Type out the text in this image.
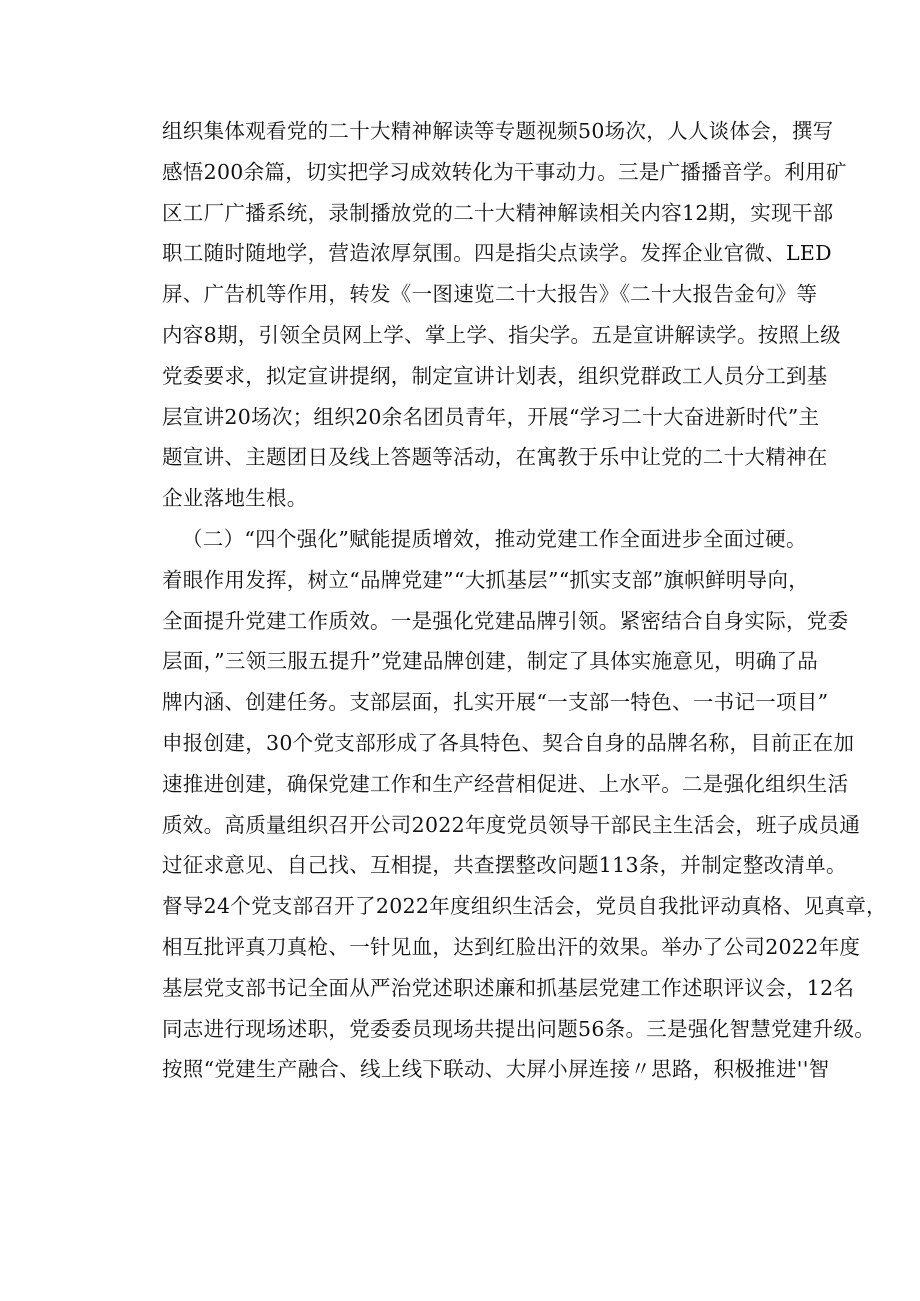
组织集体观看党的二十大精神解读等专题视频50场次，人人谈体会，撰写
感悟200余篇，切实把学习成效转化为干事动力。三是广播播音学。利用矿
区工厂广播系统，录制播放党的二十大精神解读相关内容12期，实现干部
职工随时随地学，营造浓厚氛围。四是指尖点读学。发挥企业官微、LED
屏、广告机等作用，转发《一图速览二十大报告》《二十大报告金句》等
内容8期，引领全员网上学、掌上学、指尖学。五是宣讲解读学。按照上级
党委要求，拟定宣讲提纲，制定宣讲计划表，组织党群政工人员分工到基
层宣讲20场次；组织20余名团员青年，开展“学习二十大奋进新时代”主
题宣讲、主题团日及线上答题等活动，在寓教于乐中让党的二十大精神在
企业落地生根。
（二）“四个强化”赋能提质增效，推动党建工作全面进步全面过硬。
着眼作用发挥，树立“品牌党建”“大抓基层”“抓实支部”旗帜鲜明导向，
全面提升党建工作质效。一是强化党建品牌引领。紧密结合自身实际，党委
层面，”三领三服五提升”党建品牌创建，制定了具体实施意见，明确了品
牌内涵、创建任务。支部层面，扎实开展“一支部一特色、一书记一项目”
申报创建，30个党支部形成了各具特色、契合自身的品牌名称，目前正在加
速推进创建，确保党建工作和生产经营相促进、上水平。二是强化组织生活
质效。高质量组织召开公司2022年度党员领导干部民主生活会，班子成员通
过征求意见、自己找、互相提，共查摆整改问题113条，并制定整改清单。
督导24个党支部召开了2022年度组织生活会，党员自我批评动真格、见真章，
相互批评真刀真枪、一针见血，达到红脸出汗的效果。举办了公司2022年度
基层党支部书记全面从严治党述职述廉和抓基层党建工作述职评议会，12名
同志进行现场述职，党委委员现场共提出问题56条。三是强化智慧党建升级。
按照“党建生产融合、线上线下联动、大屏小屏连接〃思路，积极推进''智
